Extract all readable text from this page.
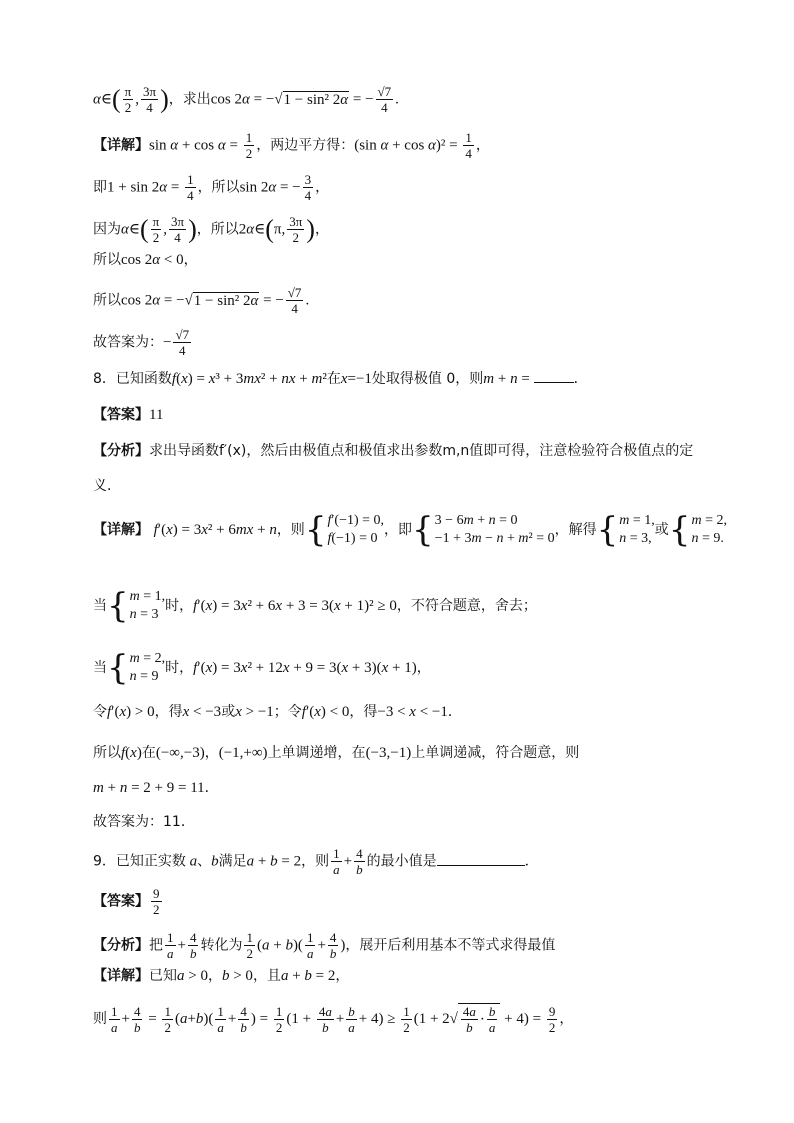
α∈( $\frac{\pi}{2}$ , $\frac{3\pi}{4}$ )，求出cos 2α = −√1 − sin² 2α = − $\frac{√7}{4}$ .
【详解】$\sin \alpha + \cos \alpha = \frac{1}{2}$ ，两边平方得：(sin $\alpha + \cos \alpha)^2 = \frac{1}{4}$ ，
即$1 + \sin 2\alpha = \frac{1}{4}$ ，所以sin 2α = − $\frac{3}{4}$ ，
因为α∈( $\frac{\pi}{2}$ , $\frac{3\pi}{4}$ )，所以2α∈(π, $\frac{3\pi}{2}$ )，
所以cos 2α < 0，
所以cos 2α = −√1 − sin² 2α = − $\frac{√7}{4}$ .
故答案为：− $\frac{√7}{4}$
8．已知函数f(x) = x³ + 3mx² + nx + m²在x=−1处取得极值 0，则m + n =	．
【答案】11
【分析】求出导函数f′(x)，然后由极值点和极值求出参数m,n值即可得，注意检验符合极值点的定
义．
【详解】 f′(x) = 3x² + 6mx + n，则{ f′(−1) = 0,
f(−1) = 0
，即{ 3 − 6m + n = 0
−1 + 3m − n + m² = 0
，解得{ m = 1,
n = 3,
或{ m = 2,
n = 9.
当{ m = 1,
n = 3
时，f′(x) = 3x² + 6x + 3 = 3(x + 1)² ≥ 0，不符合题意，舍去；
当{ m = 2,
n = 9
时，f′(x) = 3x² + 12x + 9 = 3(x + 3)(x + 1)，
令f′(x) > 0，得x < −3或x > −1；令f′(x) < 0，得−3 < x < −1．
所以f(x)在(−∞,−3)，(−1,+∞)上单调递增，在(−3,−1)上单调递减，符合题意，则
m + n = 2 + 9 = 11．
故答案为：11．
9．已知正实数 a、b满足a + b = 2，则 $\frac{1}{a} + \frac{4}{b}$ 的最小值是	．
【答案】 $\frac{9}{2}$
【分析】把 $\frac{1}{a} + \frac{4}{b}$ 转化为 $\frac{1}{2} (a + b)( \frac{1}{a} + \frac{4}{b}$ )，展开后利用基本不等式求得最值
【详解】已知a > 0，b > 0，且a + b = 2，
则 $\frac{1}{a} + \frac{4}{b} = \frac{1}{2} (a+b)( \frac{1}{a} + \frac{4}{b}$ ) = $\frac{1}{2} (1 + \frac{4a}{b} + \frac{b}{a} + 4) \ge \frac{1}{2} (1 + 2√ \frac{4a}{b} \cdot \frac{b}{a} + 4) = \frac{9}{2}$ ，
